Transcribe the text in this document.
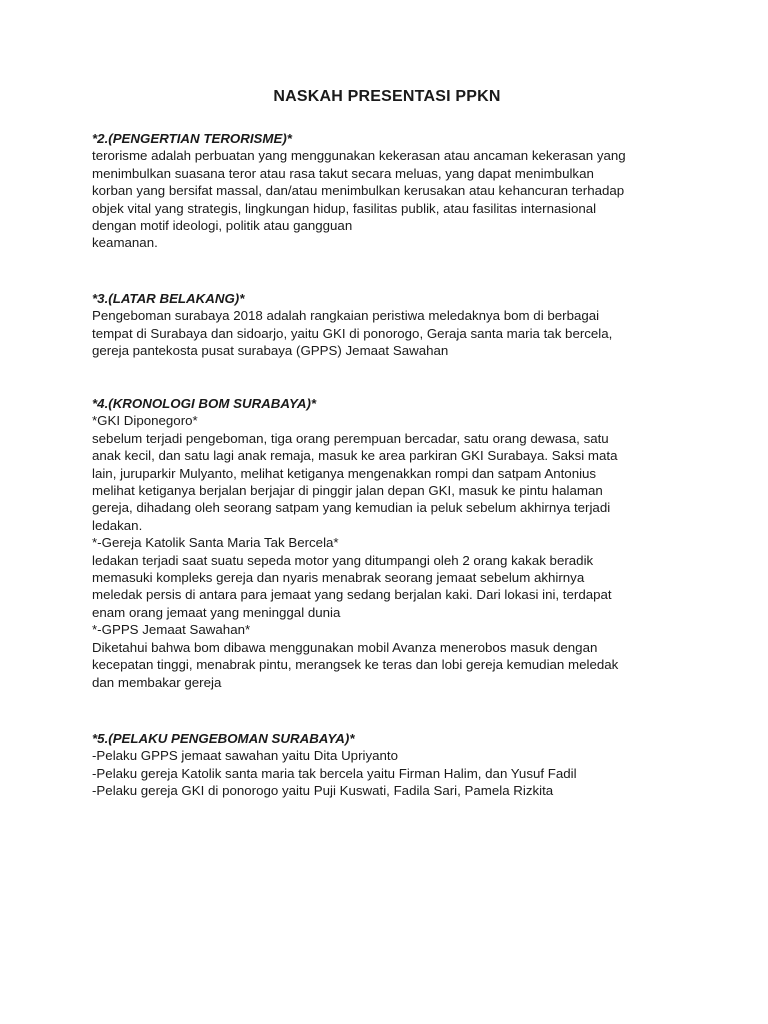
NASKAH PRESENTASI PPKN
*2.(PENGERTIAN TERORISME)*
terorisme adalah perbuatan yang menggunakan kekerasan atau ancaman kekerasan yang
menimbulkan suasana teror atau rasa takut secara meluas, yang dapat menimbulkan
korban yang bersifat massal, dan/atau menimbulkan kerusakan atau kehancuran terhadap
objek vital yang strategis, lingkungan hidup, fasilitas publik, atau fasilitas internasional
dengan motif ideologi, politik atau gangguan
keamanan.
*3.(LATAR BELAKANG)*
Pengeboman surabaya 2018 adalah rangkaian peristiwa meledaknya bom di berbagai
tempat di Surabaya dan sidoarjo, yaitu GKI di ponorogo, Geraja santa maria tak bercela,
gereja pantekosta pusat surabaya (GPPS) Jemaat Sawahan
*4.(KRONOLOGI BOM SURABAYA)*
*GKI Diponegoro*
sebelum terjadi pengeboman, tiga orang perempuan bercadar, satu orang dewasa, satu
anak kecil, dan satu lagi anak remaja, masuk ke area parkiran GKI Surabaya. Saksi mata
lain, juruparkir Mulyanto, melihat ketiganya mengenakkan rompi dan satpam Antonius
melihat ketiganya berjalan berjajar di pinggir jalan depan GKI, masuk ke pintu halaman
gereja, dihadang oleh seorang satpam yang kemudian ia peluk sebelum akhirnya terjadi
ledakan.
*-Gereja Katolik Santa Maria Tak Bercela*
ledakan terjadi saat suatu sepeda motor yang ditumpangi oleh 2 orang kakak beradik
memasuki kompleks gereja dan nyaris menabrak seorang jemaat sebelum akhirnya
meledak persis di antara para jemaat yang sedang berjalan kaki. Dari lokasi ini, terdapat
enam orang jemaat yang meninggal dunia
*-GPPS Jemaat Sawahan*
Diketahui bahwa bom dibawa menggunakan mobil Avanza menerobos masuk dengan
kecepatan tinggi, menabrak pintu, merangsek ke teras dan lobi gereja kemudian meledak
dan membakar gereja
*5.(PELAKU PENGEBOMAN SURABAYA)*
-Pelaku GPPS jemaat sawahan yaitu Dita Upriyanto
-Pelaku gereja Katolik santa maria tak bercela yaitu Firman Halim, dan Yusuf Fadil
-Pelaku gereja GKI di ponorogo yaitu Puji Kuswati, Fadila Sari, Pamela Rizkita
